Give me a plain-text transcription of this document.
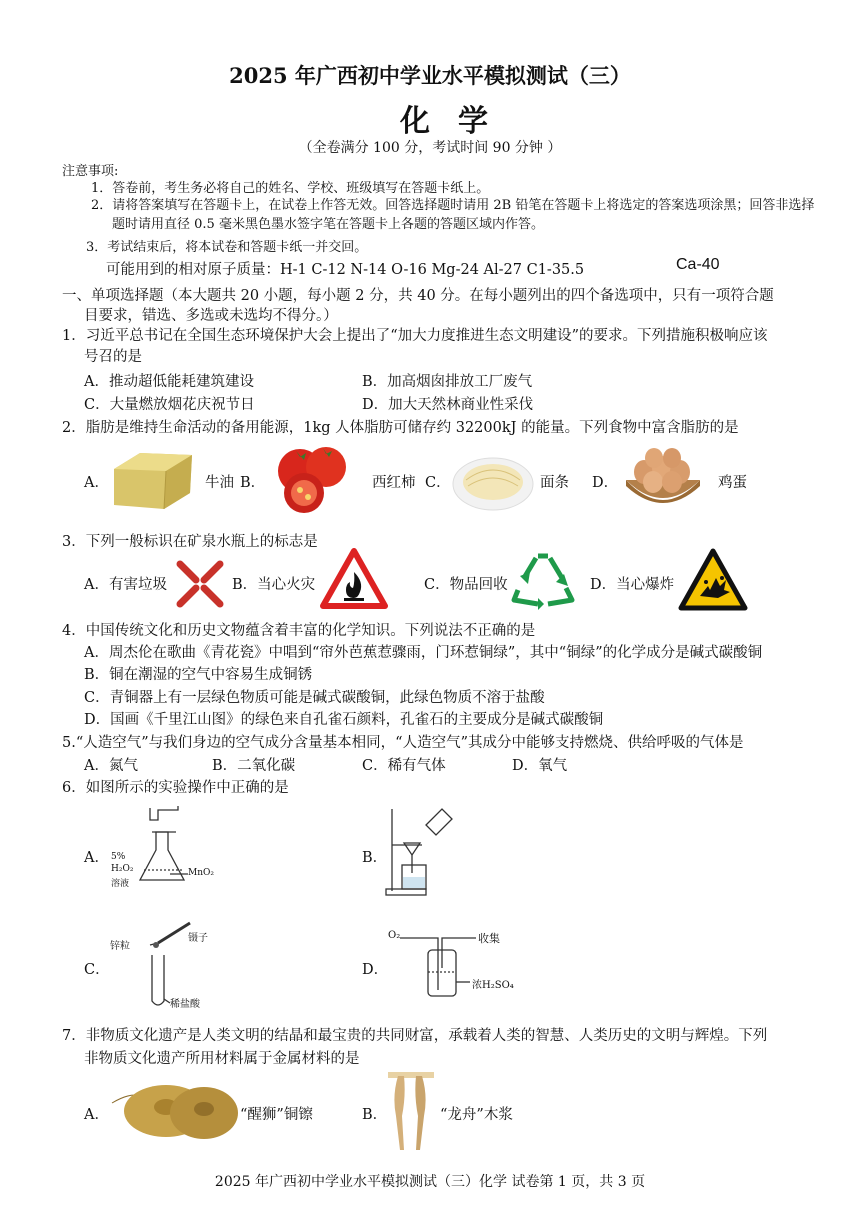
2025 年广西初中学业水平模拟测试（三）
化学
（全卷满分 100 分，考试时间 90 分钟 ）
注意事项:
1．答卷前，考生务必将自己的姓名、学校、班级填写在答题卡纸上。
2．请将答案填写在答题卡上，在试卷上作答无效。回答选择题时请用 2B 铅笔在答题卡上将选定的答案选项涂黑；回答非选择
题时请用直径 0.5 毫米黑色墨水签字笔在答题卡上各题的答题区域内作答。
3．考试结束后，将本试卷和答题卡纸一并交回。
可能用到的相对原子质量：H-1 C-12 N-14 O-16 Mg-24 Al-27 C1-35.5	Ca-40
一、单项选择题（本大题共 20 小题，每小题 2 分，共 40 分。在每小题列出的四个备选项中，只有一项符合题
目要求，错选、多选或未选均不得分。）
1．习近平总书记在全国生态环境保护大会上提出了“加大力度推进生态文明建设”的要求。下列措施积极响应该
号召的是
A．推动超低能耗建筑建设	B．加高烟囱排放工厂废气
C．大量燃放烟花庆祝节日	D．加大天然林商业性采伐
2．脂肪是维持生命活动的备用能源，1kg 人体脂肪可储存约 32200kJ 的能量。下列食物中富含脂肪的是
A．	牛油 B．	西红柿 C．	面条 D．	鸡蛋
3．下列一般标识在矿泉水瓶上的标志是
A．有害垃圾	B．当心火灾	C．物品回收	D．当心爆炸
4．中国传统文化和历史文物蕴含着丰富的化学知识。下列说法不正确的是
A．周杰伦在歌曲《青花瓷》中唱到“帘外芭蕉惹骤雨，门环惹铜绿”，其中“铜绿”的化学成分是碱式碳酸铜
B．铜在潮湿的空气中容易生成铜锈
C．青铜器上有一层绿色物质可能是碱式碳酸铜，此绿色物质不溶于盐酸
D．国画《千里江山图》的绿色来自孔雀石颜料，孔雀石的主要成分是碱式碳酸铜
5.“人造空气”与我们身边的空气成分含量基本相同，“人造空气”其成分中能够支持燃烧、供给呼吸的气体是
A．氮气	B．二氧化碳	C．稀有气体	D．氧气
6．如图所示的实验操作中正确的是
A． 5%
H₂O₂
溶液
MnO₂
B．
C．
锌粒
镊子
稀盐酸
D．
O₂	收集
浓H₂SO₄
7．非物质文化遗产是人类文明的结晶和最宝贵的共同财富，承载着人类的智慧、人类历史的文明与辉煌。下列
非物质文化遗产所用材料属于金属材料的是
A．	“醒狮”铜镲	B．	“龙舟”木浆
2025 年广西初中学业水平模拟测试（三）化学 试卷第 1 页，共 3 页
